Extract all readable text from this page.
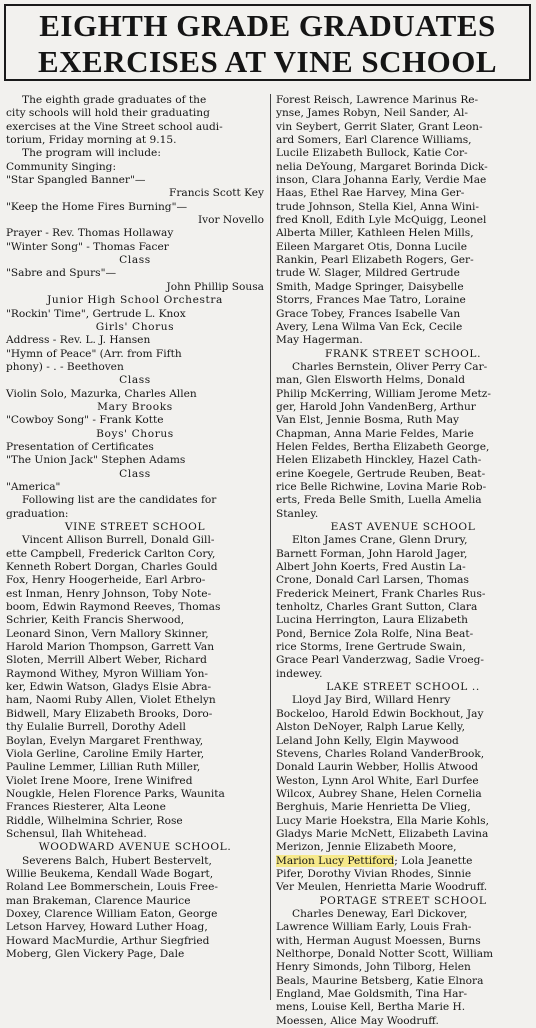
EIGHTH GRADE GRADUATES
EXERCISES AT VINE SCHOOL
The eighth grade graduates of the
city schools will hold their graduating
exercises at the Vine Street school audi-
torium, Friday morning at 9.15.
The program will include:
Community Singing:
"Star Spangled Banner"—
Francis Scott Key
"Keep the Home Fires Burning"—
Ivor Novello
Prayer - Rev. Thomas Hollaway
"Winter Song" - Thomas Facer
Class
"Sabre and Spurs"—
John Phillip Sousa
Junior High School Orchestra
"Rockin' Time", Gertrude L. Knox
Girls' Chorus
Address - Rev. L. J. Hansen
"Hymn of Peace" (Arr. from Fifth
phony) - . - Beethoven
Class
Violin Solo, Mazurka, Charles Allen
Mary Brooks
"Cowboy Song" - Frank Kotte
Boys' Chorus
Presentation of Certificates
"The Union Jack" Stephen Adams
Class
"America"
Following list are the candidates for
graduation:
VINE STREET SCHOOL
Vincent Allison Burrell, Donald Gill-
ette Campbell, Frederick Carlton Cory,
Kenneth Robert Dorgan, Charles Gould
Fox, Henry Hoogerheide, Earl Arbro-
est Inman, Henry Johnson, Toby Note-
boom, Edwin Raymond Reeves, Thomas
Schrier, Keith Francis Sherwood,
Leonard Sinon, Vern Mallory Skinner,
Harold Marion Thompson, Garrett Van
Sloten, Merrill Albert Weber, Richard
Raymond Withey, Myron William Yon-
ker, Edwin Watson, Gladys Elsie Abra-
ham, Naomi Ruby Allen, Violet Ethelyn
Bidwell, Mary Elizabeth Brooks, Doro-
thy Eulalie Burrell, Dorothy Adell
Boylan, Evelyn Margaret Frenthway,
Viola Gerline, Caroline Emily Harter,
Pauline Lemmer, Lillian Ruth Miller,
Violet Irene Moore, Irene Winifred
Nougkle, Helen Florence Parks, Waunita
Frances Riesterer, Alta Leone
Riddle, Wilhelmina Schrier, Rose
Schensul, Ilah Whitehead.
WOODWARD AVENUE SCHOOL.
Severens Balch, Hubert Bestervelt,
Willie Beukema, Kendall Wade Bogart,
Roland Lee Bommerschein, Louis Free-
man Brakeman, Clarence Maurice
Doxey, Clarence William Eaton, George
Letson Harvey, Howard Luther Hoag,
Howard MacMurdie, Arthur Siegfried
Moberg, Glen Vickery Page, Dale
Forest Reisch, Lawrence Marinus Re-
ynse, James Robyn, Neil Sander, Al-
vin Seybert, Gerrit Slater, Grant Leon-
ard Somers, Earl Clarence Williams,
Lucile Elizabeth Bullock, Katie Cor-
nelia DeYoung, Margaret Borinda Dick-
inson, Clara Johanna Early, Verdie Mae
Haas, Ethel Rae Harvey, Mina Ger-
trude Johnson, Stella Kiel, Anna Wini-
fred Knoll, Edith Lyle McQuigg, Leonel
Alberta Miller, Kathleen Helen Mills,
Eileen Margaret Otis, Donna Lucile
Rankin, Pearl Elizabeth Rogers, Ger-
trude W. Slager, Mildred Gertrude
Smith, Madge Springer, Daisybelle
Storrs, Frances Mae Tatro, Loraine
Grace Tobey, Frances Isabelle Van
Avery, Lena Wilma Van Eck, Cecile
May Hagerman.
FRANK STREET SCHOOL.
Charles Bernstein, Oliver Perry Car-
man, Glen Elsworth Helms, Donald
Philip McKerring, William Jerome Metz-
ger, Harold John VandenBerg, Arthur
Van Elst, Jennie Bosma, Ruth May
Chapman, Anna Marie Feldes, Marie
Helen Feldes, Bertha Elizabeth George,
Helen Elizabeth Hinckley, Hazel Cath-
erine Koegele, Gertrude Reuben, Beat-
rice Belle Richwine, Lovina Marie Rob-
erts, Freda Belle Smith, Luella Amelia
Stanley.
EAST AVENUE SCHOOL
Elton James Crane, Glenn Drury,
Barnett Forman, John Harold Jager,
Albert John Koerts, Fred Austin La-
Crone, Donald Carl Larsen, Thomas
Frederick Meinert, Frank Charles Rus-
tenholtz, Charles Grant Sutton, Clara
Lucina Herrington, Laura Elizabeth
Pond, Bernice Zola Rolfe, Nina Beat-
rice Storms, Irene Gertrude Swain,
Grace Pearl Vanderzwag, Sadie Vroeg-
indewey.
LAKE STREET SCHOOL ..
Lloyd Jay Bird, Willard Henry
Bockeloo, Harold Edwin Bockhout, Jay
Alston DeNoyer, Ralph Larue Kelly,
Leland John Kelly, Elgin Maywood
Stevens, Charles Roland VanderBrook,
Donald Laurin Webber, Hollis Atwood
Weston, Lynn Arol White, Earl Durfee
Wilcox, Aubrey Shane, Helen Cornelia
Berghuis, Marie Henrietta De Vlieg,
Lucy Marie Hoekstra, Ella Marie Kohls,
Gladys Marie McNett, Elizabeth Lavina
Merizon, Jennie Elizabeth Moore,
Marion Lucy Pettiford; Lola Jeanette
Pifer, Dorothy Vivian Rhodes, Sinnie
Ver Meulen, Henrietta Marie Woodruff.
PORTAGE STREET SCHOOL
Charles Deneway, Earl Dickover,
Lawrence William Early, Louis Frah-
with, Herman August Moessen, Burns
Nelthorpe, Donald Notter Scott, William
Henry Simonds, John Tilborg, Helen
Beals, Maurine Betsberg, Katie Elnora
England, Mae Goldsmith, Tina Har-
mens, Louise Kell, Bertha Marie H.
Moessen, Alice May Woodruff.
